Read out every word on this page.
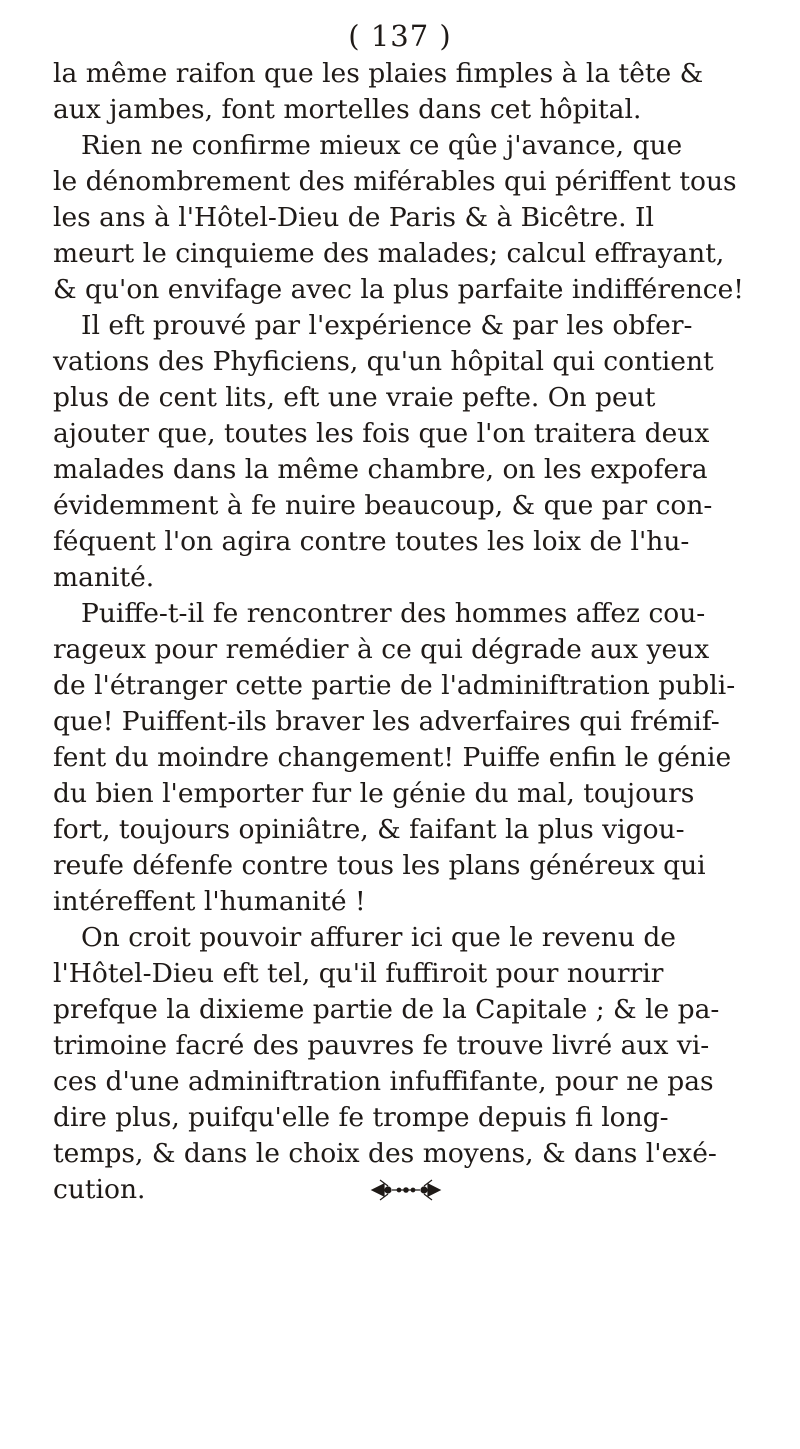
( 137 )
la même raifon que les plaies fimples à la tête &
aux jambes, font mortelles dans cet hôpital.
Rien ne confirme mieux ce qûe j'avance, que
le dénombrement des miférables qui périffent tous
les ans à l'Hôtel-Dieu de Paris & à Bicêtre. Il
meurt le cinquieme des malades; calcul effrayant,
& qu'on envifage avec la plus parfaite indifférence!
Il eft prouvé par l'expérience & par les obfer-
vations des Phyficiens, qu'un hôpital qui contient
plus de cent lits, eft une vraie pefte. On peut
ajouter que, toutes les fois que l'on traitera deux
malades dans la même chambre, on les expofera
évidemment à fe nuire beaucoup, & que par con-
féquent l'on agira contre toutes les loix de l'hu-
manité.
Puiffe-t-il fe rencontrer des hommes affez cou-
rageux pour remédier à ce qui dégrade aux yeux
de l'étranger cette partie de l'adminiftration publi-
que! Puiffent-ils braver les adverfaires qui frémif-
fent du moindre changement! Puiffe enfin le génie
du bien l'emporter fur le génie du mal, toujours
fort, toujours opiniâtre, & faifant la plus vigou-
reufe défenfe contre tous les plans généreux qui
intéreffent l'humanité !
On croit pouvoir affurer ici que le revenu de
l'Hôtel-Dieu eft tel, qu'il fuffiroit pour nourrir
prefque la dixieme partie de la Capitale ; & le pa-
trimoine facré des pauvres fe trouve livré aux vi-
ces d'une adminiftration infuffifante, pour ne pas
dire plus, puifqu'elle fe trompe depuis fi long-
temps, & dans le choix des moyens, & dans l'exé-
cution.
